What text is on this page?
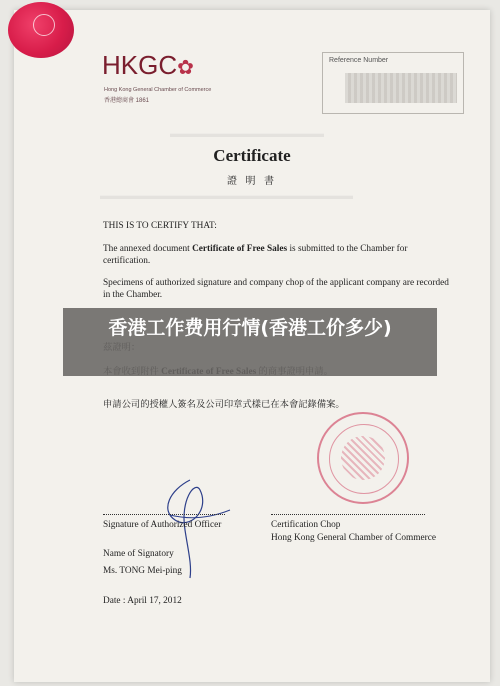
HKGC✿
Hong Kong General Chamber of Commerce
香港總商會 1861
Reference Number
▬▬▬▬▬▬▬▬▬▬▬▬▬▬
▬▬▬▬▬▬▬▬▬▬▬▬▬▬▬▬▬▬▬▬▬▬▬
Certificate
證 明 書
THIS IS TO CERTIFY THAT:
The annexed document Certificate of Free Sales is submitted to the Chamber for certification.
Specimens of authorized signature and company chop of the applicant company are recorded in the Chamber.
申請公司的授權人簽名及公司印章式樣已在本會記錄備案。
香港工作费用行情(香港工价多少)
Signature of Authorized Officer	Certification Chop
Hong Kong General Chamber of Commerce
Name of Signatory
Ms. TONG Mei-ping
Date : April 17, 2012
